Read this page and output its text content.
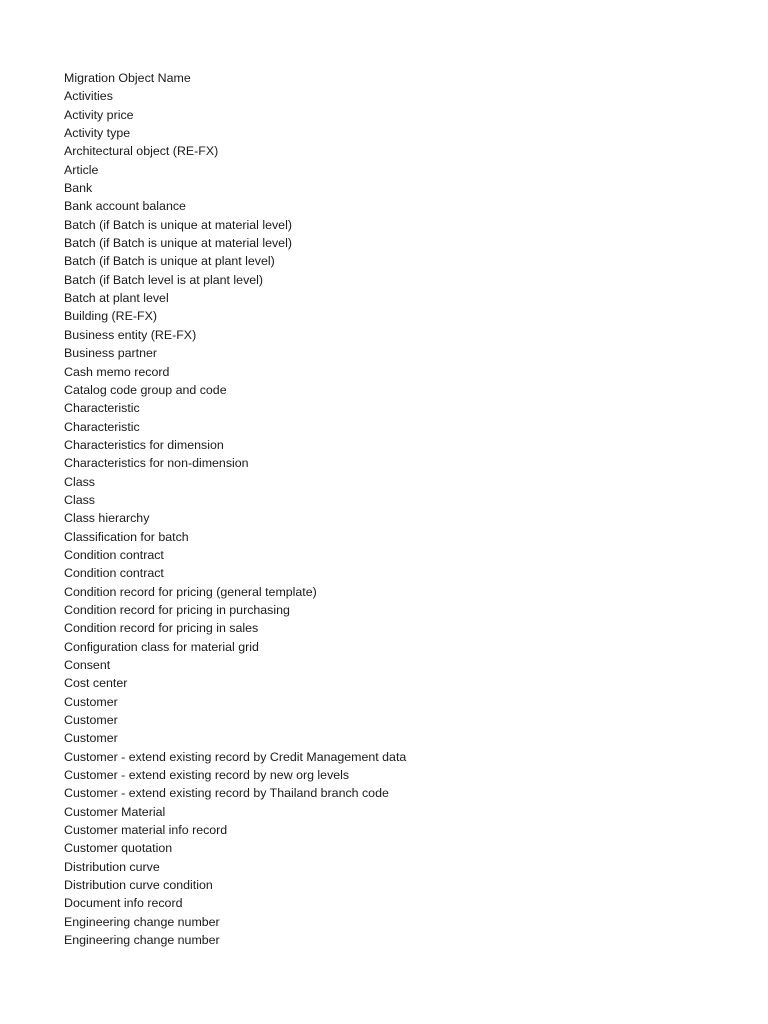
Migration Object Name
Activities
Activity price
Activity type
Architectural object (RE-FX)
Article
Bank
Bank account balance
Batch (if Batch is unique at material level)
Batch (if Batch is unique at material level)
Batch (if Batch is unique at plant level)
Batch (if Batch level is at plant level)
Batch at plant level
Building (RE-FX)
Business entity (RE-FX)
Business partner
Cash memo record
Catalog code group and code
Characteristic
Characteristic
Characteristics for dimension
Characteristics for non-dimension
Class
Class
Class hierarchy
Classification for batch
Condition contract
Condition contract
Condition record for pricing (general template)
Condition record for pricing in purchasing
Condition record for pricing in sales
Configuration class for material grid
Consent
Cost center
Customer
Customer
Customer
Customer - extend existing record by Credit Management data
Customer - extend existing record by new org levels
Customer - extend existing record by Thailand branch code
Customer Material
Customer material info record
Customer quotation
Distribution curve
Distribution curve condition
Document info record
Engineering change number
Engineering change number
